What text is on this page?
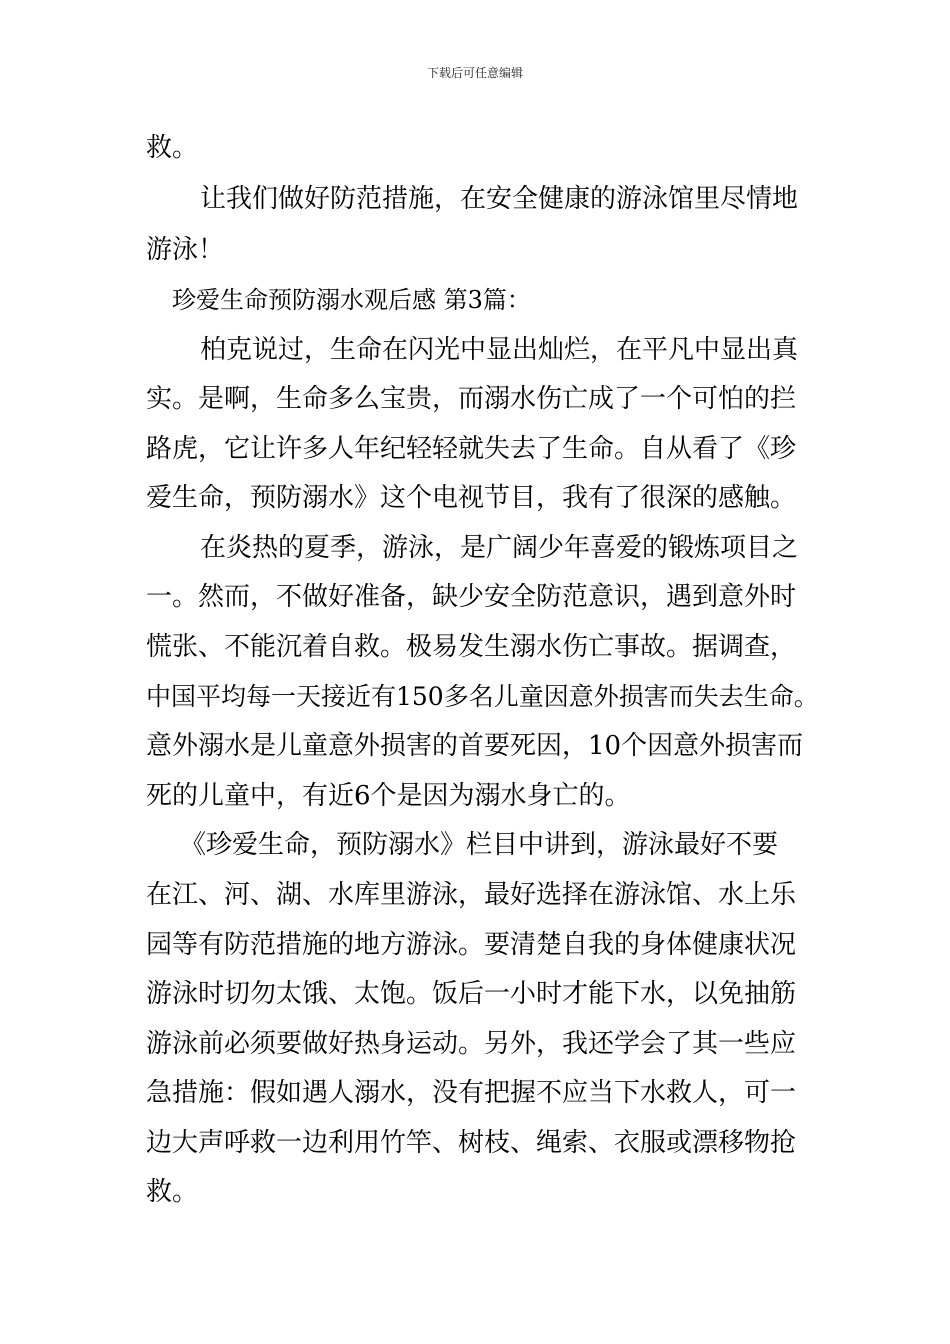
下载后可任意编辑
救。
让我们做好防范措施，在安全健康的游泳馆里尽情地
游泳！
珍爱生命预防溺水观后感 第3篇：
柏克说过，生命在闪光中显出灿烂，在平凡中显出真
实。是啊，生命多么宝贵，而溺水伤亡成了一个可怕的拦
路虎，它让许多人年纪轻轻就失去了生命。自从看了《珍
爱生命，预防溺水》这个电视节目，我有了很深的感触。
在炎热的夏季，游泳，是广阔少年喜爱的锻炼项目之
一。然而，不做好准备，缺少安全防范意识，遇到意外时
慌张、不能沉着自救。极易发生溺水伤亡事故。据调查，
中国平均每一天接近有150多名儿童因意外损害而失去生命。
意外溺水是儿童意外损害的首要死因，10个因意外损害而
死的儿童中，有近6个是因为溺水身亡的。
《珍爱生命，预防溺水》栏目中讲到，游泳最好不要
在江、河、湖、水库里游泳，最好选择在游泳馆、水上乐
园等有防范措施的地方游泳。要清楚自我的身体健康状况
游泳时切勿太饿、太饱。饭后一小时才能下水，以免抽筋
游泳前必须要做好热身运动。另外，我还学会了其一些应
急措施：假如遇人溺水，没有把握不应当下水救人，可一
边大声呼救一边利用竹竿、树枝、绳索、衣服或漂移物抢
救。
